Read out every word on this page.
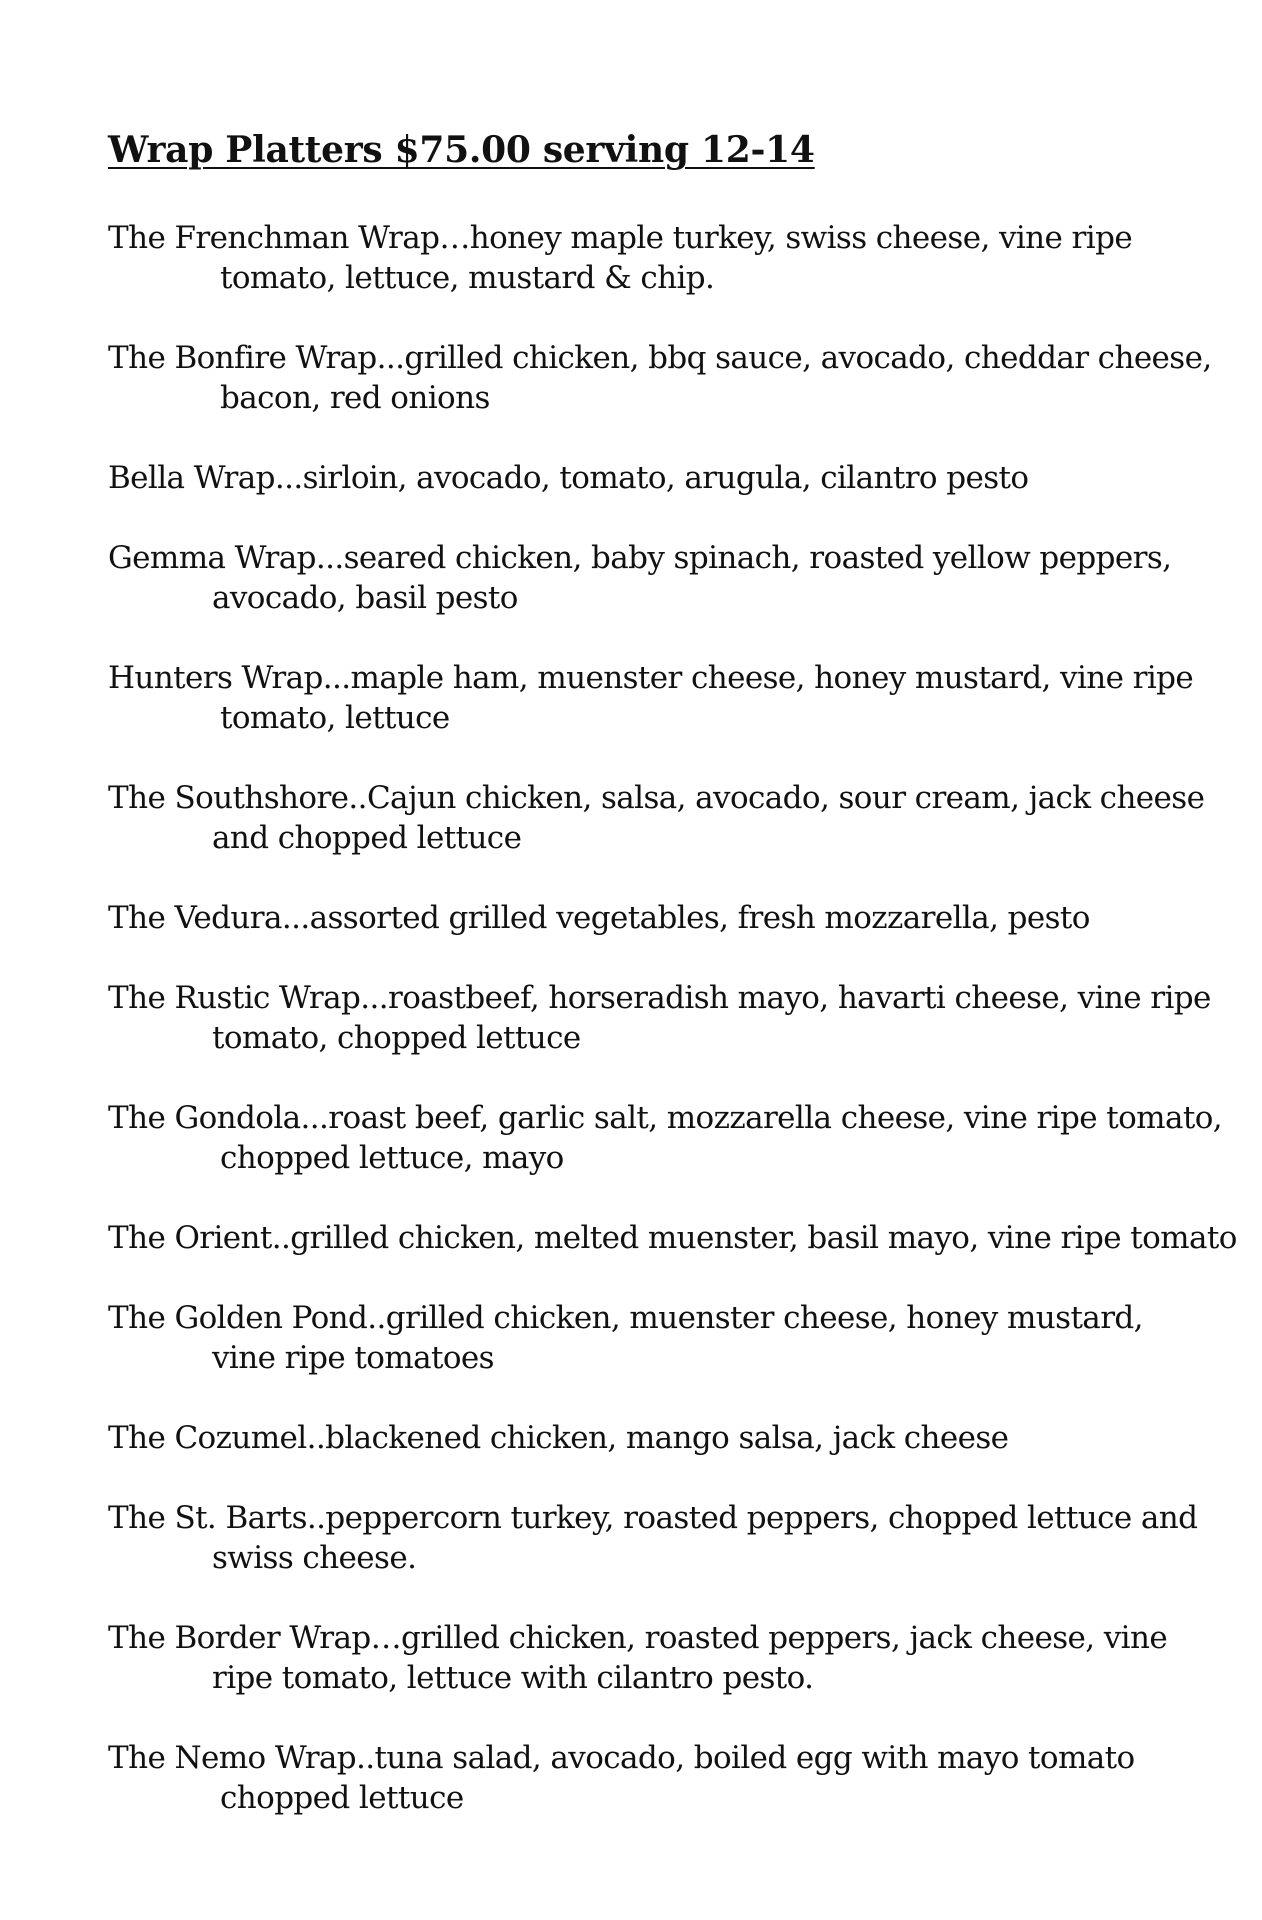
Wrap Platters $75.00 serving 12-14
The Frenchman Wrap…honey maple turkey, swiss cheese, vine ripe
tomato, lettuce, mustard & chip.
The Bonfire Wrap...grilled chicken, bbq sauce, avocado, cheddar cheese,
bacon, red onions
Bella Wrap...sirloin, avocado, tomato, arugula, cilantro pesto
Gemma Wrap...seared chicken, baby spinach, roasted yellow peppers,
avocado, basil pesto
Hunters Wrap...maple ham, muenster cheese, honey mustard, vine ripe
tomato, lettuce
The Southshore..Cajun chicken, salsa, avocado, sour cream, jack cheese
and chopped lettuce
The Vedura...assorted grilled vegetables, fresh mozzarella, pesto
The Rustic Wrap...roastbeef, horseradish mayo, havarti cheese, vine ripe
tomato, chopped lettuce
The Gondola...roast beef, garlic salt, mozzarella cheese, vine ripe tomato,
chopped lettuce, mayo
The Orient..grilled chicken, melted muenster, basil mayo, vine ripe tomato
The Golden Pond..grilled chicken, muenster cheese, honey mustard,
vine ripe tomatoes
The Cozumel..blackened chicken, mango salsa, jack cheese
The St. Barts..peppercorn turkey, roasted peppers, chopped lettuce and
swiss cheese.
The Border Wrap…grilled chicken, roasted peppers, jack cheese, vine
ripe tomato, lettuce with cilantro pesto.
The Nemo Wrap..tuna salad, avocado, boiled egg with mayo tomato
chopped lettuce
